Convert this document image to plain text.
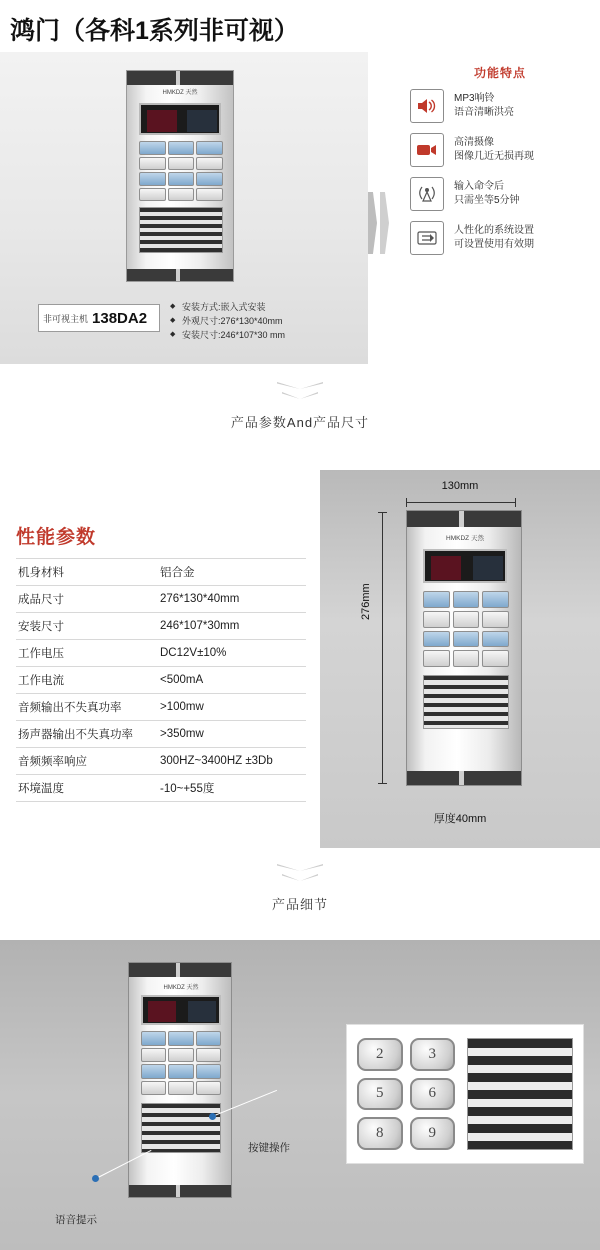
鸿门（各科1系列非可视）
HMKDZ 天然
非可视主机 138DA2
◆ 安装方式:嵌入式安装
◆ 外观尺寸:276*130*40mm
◆ 安装尺寸:246*107*30 mm
功能特点
MP3响铃
语音清晰洪亮
高清摄像
图像几近无损再现
输入命令后
只需坐等5分钟
人性化的系统设置
可设置使用有效期
产品参数And产品尺寸
性能参数
机身材料	铝合金
成品尺寸	276*130*40mm
安装尺寸	246*107*30mm
工作电压	DC12V±10%
工作电流	<500mA
音频输出不失真功率	>100mw
扬声器输出不失真功率	>350mw
音频频率响应	300HZ~3400HZ ±3Db
环境温度	-10~+55度
130mm
276mm
HMKDZ 天然
厚度40mm
产品细节
HMKDZ 天然
按键操作
语音提示
2	3
5	6
8	9
